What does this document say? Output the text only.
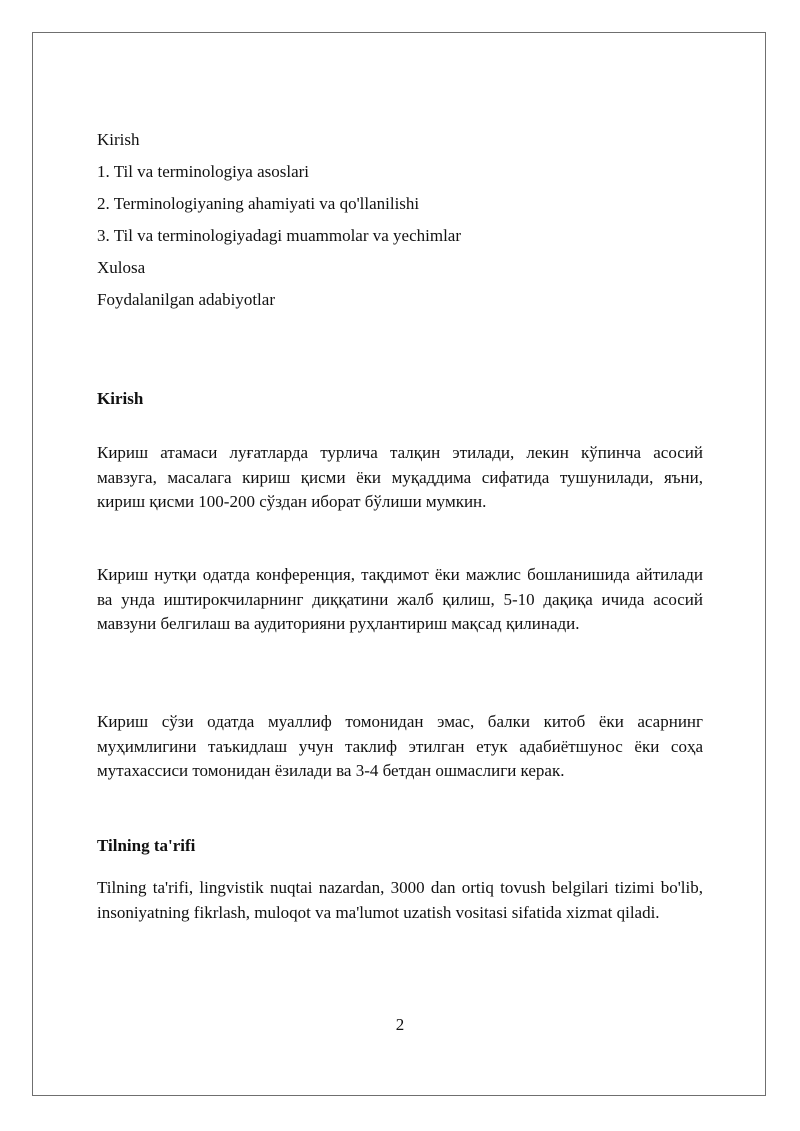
Kirish
1. Til va terminologiya asoslari
2. Terminologiyaning ahamiyati va qo'llanilishi
3. Til va terminologiyadagi muammolar va yechimlar
Xulosa
Foydalanilgan adabiyotlar
Kirish
Кириш атамаси луғатларда турлича талқин этилади, лекин кўпинча асосий мавзуга, масалага кириш қисми ёки муқаддима сифатида тушунилади, яъни, кириш қисми 100-200 сўздан иборат бўлиши мумкин.
Кириш нутқи одатда конференция, тақдимот ёки мажлис бошланишида айтилади ва унда иштирокчиларнинг диққатини жалб қилиш, 5-10 дақиқа ичида асосий мавзуни белгилаш ва аудиторияни руҳлантириш мақсад қилинади.
Кириш сўзи одатда муаллиф томонидан эмас, балки китоб ёки асарнинг муҳимлигини таъкидлаш учун таклиф этилган етук адабиётшунос ёки соҳа мутахассиси томонидан ёзилади ва 3-4 бетдан ошмаслиги керак.
Tilning ta'rifi
Tilning ta'rifi, lingvistik nuqtai nazardan, 3000 dan ortiq tovush belgilari tizimi bo'lib, insoniyatning fikrlash, muloqot va ma'lumot uzatish vositasi sifatida xizmat qiladi.
2
